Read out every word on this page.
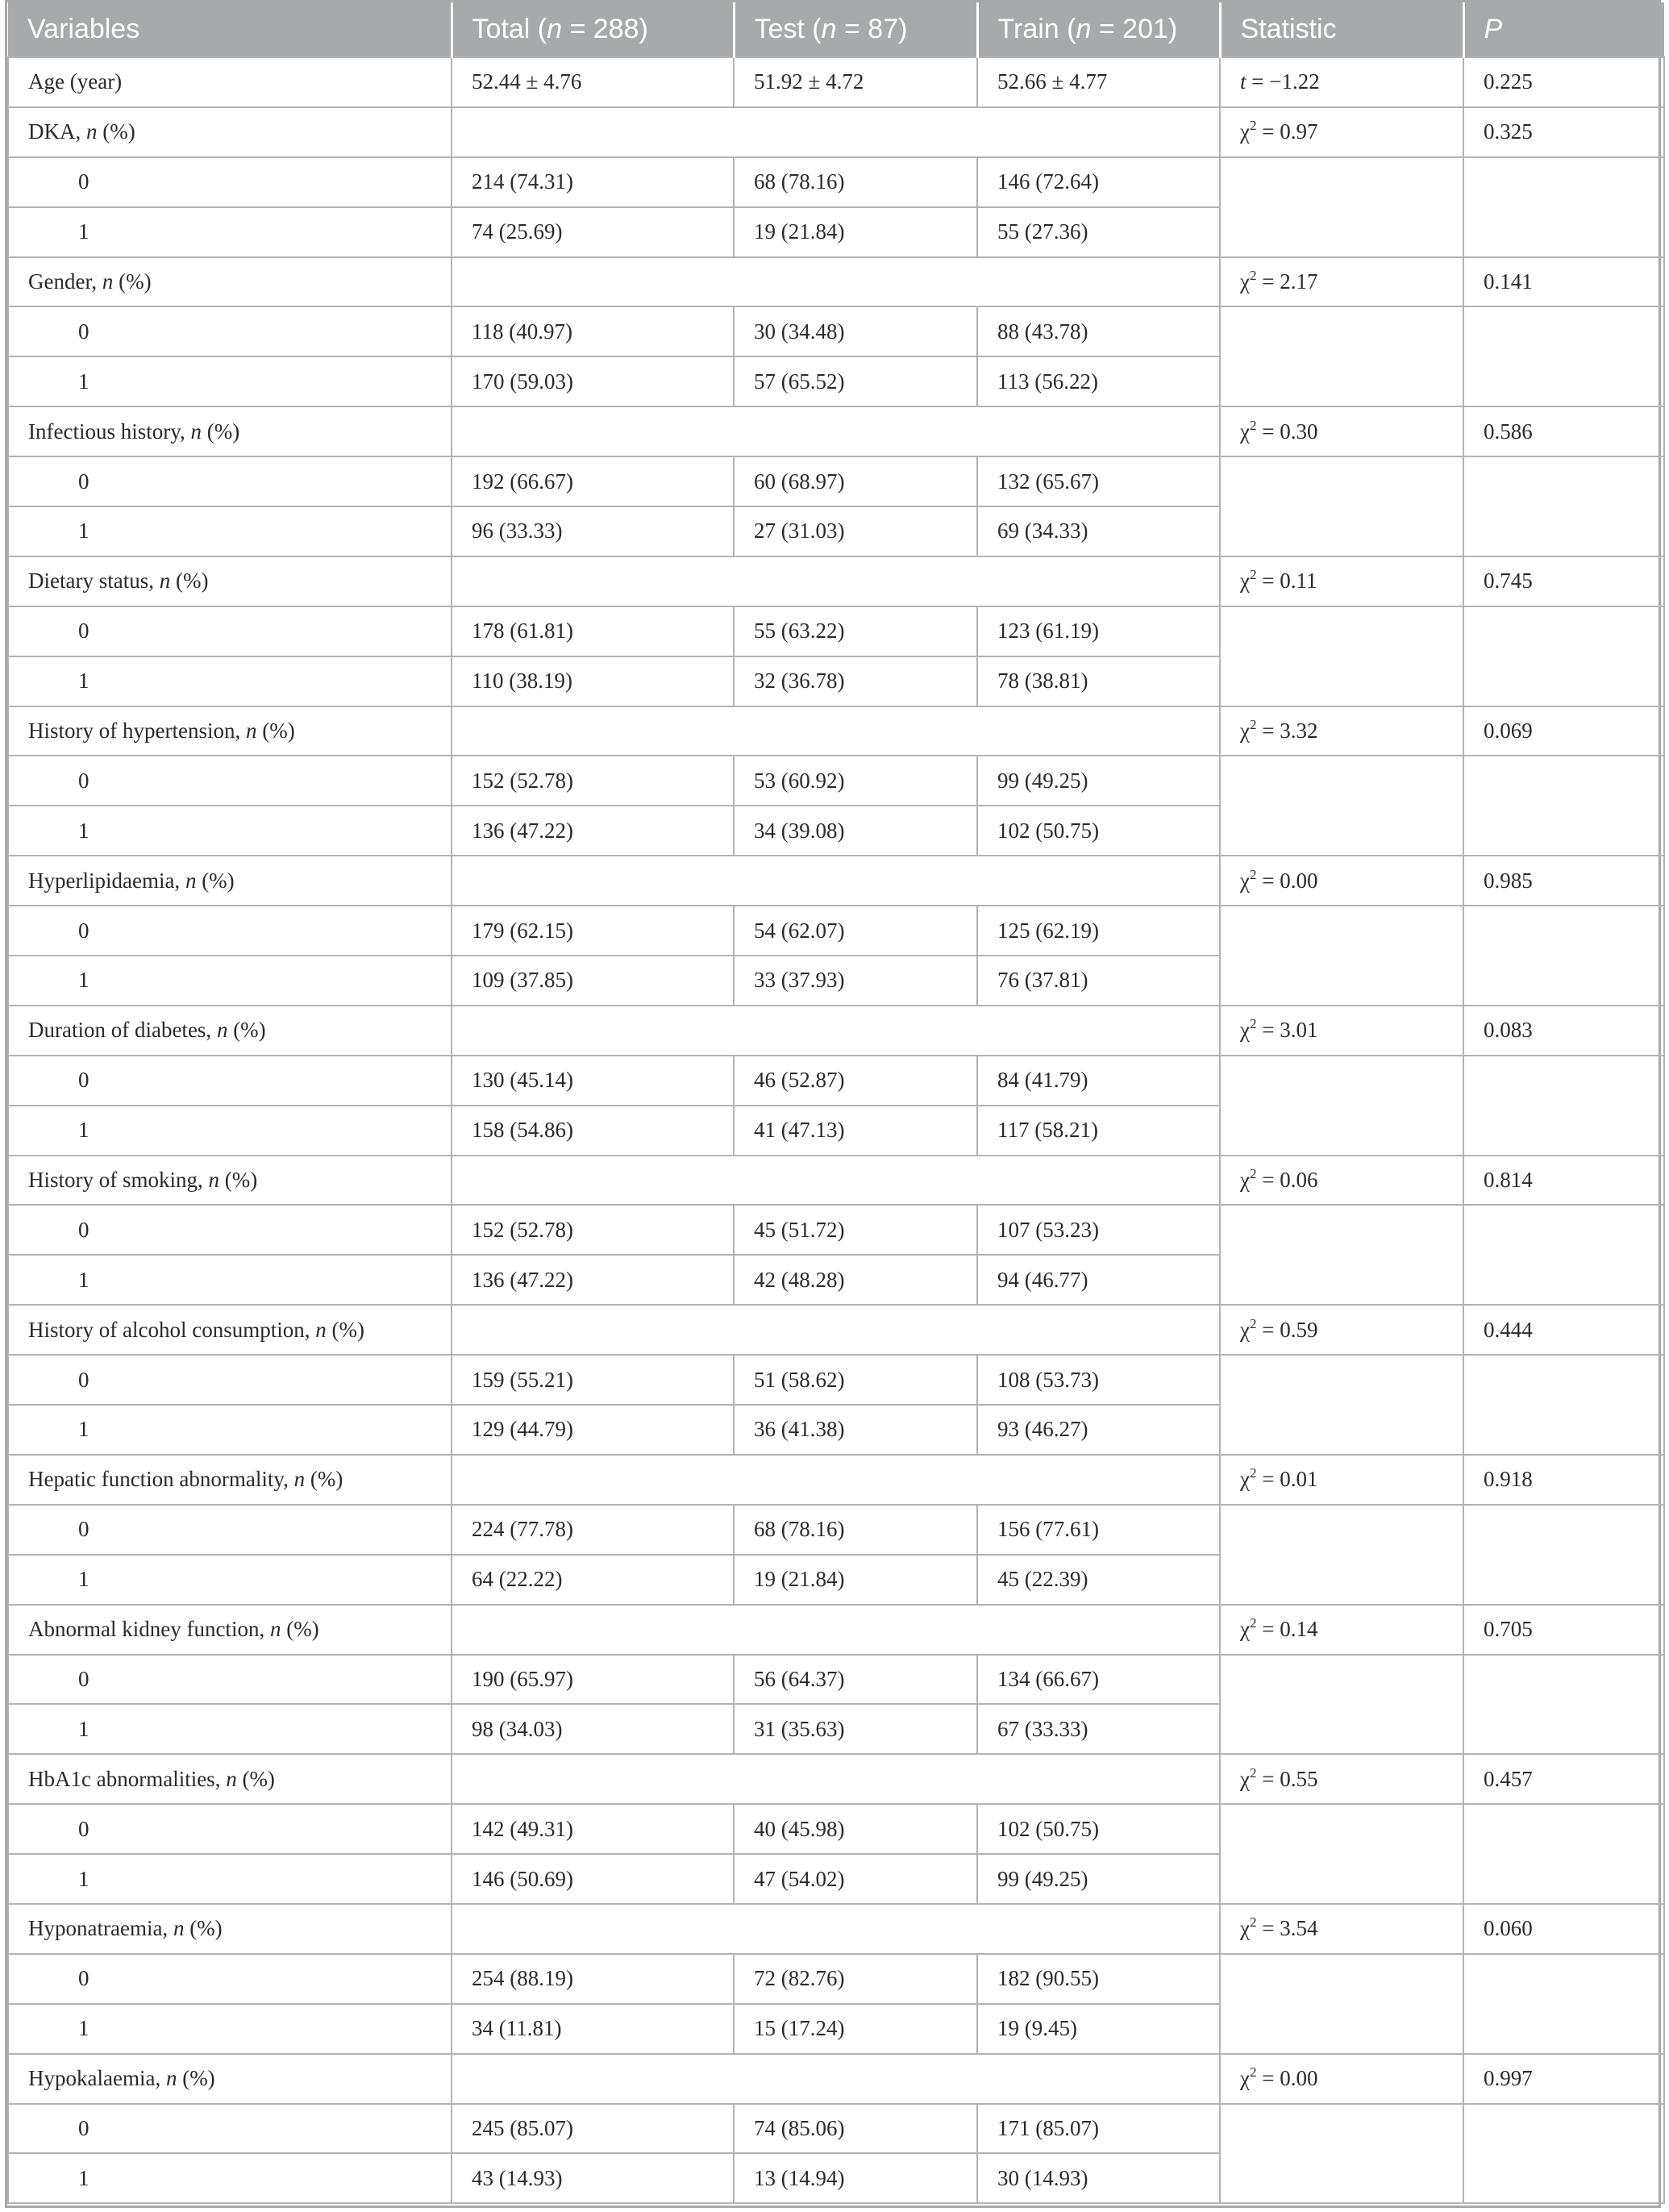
Variables	Total (n = 288)	Test (n = 87)	Train (n = 201)	Statistic	P
Age (year)	52.44 ± 4.76	51.92 ± 4.72	52.66 ± 4.77	t = −1.22	0.225
DKA, n (%)				$\chi^2 = 0.97$	0.325
0	214 (74.31)	68 (78.16)	146 (72.64)		
1	74 (25.69)	19 (21.84)	55 (27.36)		
Gender, n (%)				$\chi^2 = 2.17$	0.141
0	118 (40.97)	30 (34.48)	88 (43.78)		
1	170 (59.03)	57 (65.52)	113 (56.22)		
Infectious history, n (%)				$\chi^2 = 0.30$	0.586
0	192 (66.67)	60 (68.97)	132 (65.67)		
1	96 (33.33)	27 (31.03)	69 (34.33)		
Dietary status, n (%)				$\chi^2 = 0.11$	0.745
0	178 (61.81)	55 (63.22)	123 (61.19)		
1	110 (38.19)	32 (36.78)	78 (38.81)		
History of hypertension, n (%)				$\chi^2 = 3.32$	0.069
0	152 (52.78)	53 (60.92)	99 (49.25)		
1	136 (47.22)	34 (39.08)	102 (50.75)		
Hyperlipidaemia, n (%)				$\chi^2 = 0.00$	0.985
0	179 (62.15)	54 (62.07)	125 (62.19)		
1	109 (37.85)	33 (37.93)	76 (37.81)		
Duration of diabetes, n (%)				$\chi^2 = 3.01$	0.083
0	130 (45.14)	46 (52.87)	84 (41.79)		
1	158 (54.86)	41 (47.13)	117 (58.21)		
History of smoking, n (%)				$\chi^2 = 0.06$	0.814
0	152 (52.78)	45 (51.72)	107 (53.23)		
1	136 (47.22)	42 (48.28)	94 (46.77)		
History of alcohol consumption, n (%)				$\chi^2 = 0.59$	0.444
0	159 (55.21)	51 (58.62)	108 (53.73)		
1	129 (44.79)	36 (41.38)	93 (46.27)		
Hepatic function abnormality, n (%)				$\chi^2 = 0.01$	0.918
0	224 (77.78)	68 (78.16)	156 (77.61)		
1	64 (22.22)	19 (21.84)	45 (22.39)		
Abnormal kidney function, n (%)				$\chi^2 = 0.14$	0.705
0	190 (65.97)	56 (64.37)	134 (66.67)		
1	98 (34.03)	31 (35.63)	67 (33.33)		
HbA1c abnormalities, n (%)				$\chi^2 = 0.55$	0.457
0	142 (49.31)	40 (45.98)	102 (50.75)		
1	146 (50.69)	47 (54.02)	99 (49.25)		
Hyponatraemia, n (%)				$\chi^2 = 3.54$	0.060
0	254 (88.19)	72 (82.76)	182 (90.55)		
1	34 (11.81)	15 (17.24)	19 (9.45)		
Hypokalaemia, n (%)				$\chi^2 = 0.00$	0.997
0	245 (85.07)	74 (85.06)	171 (85.07)		
1	43 (14.93)	13 (14.94)	30 (14.93)		
